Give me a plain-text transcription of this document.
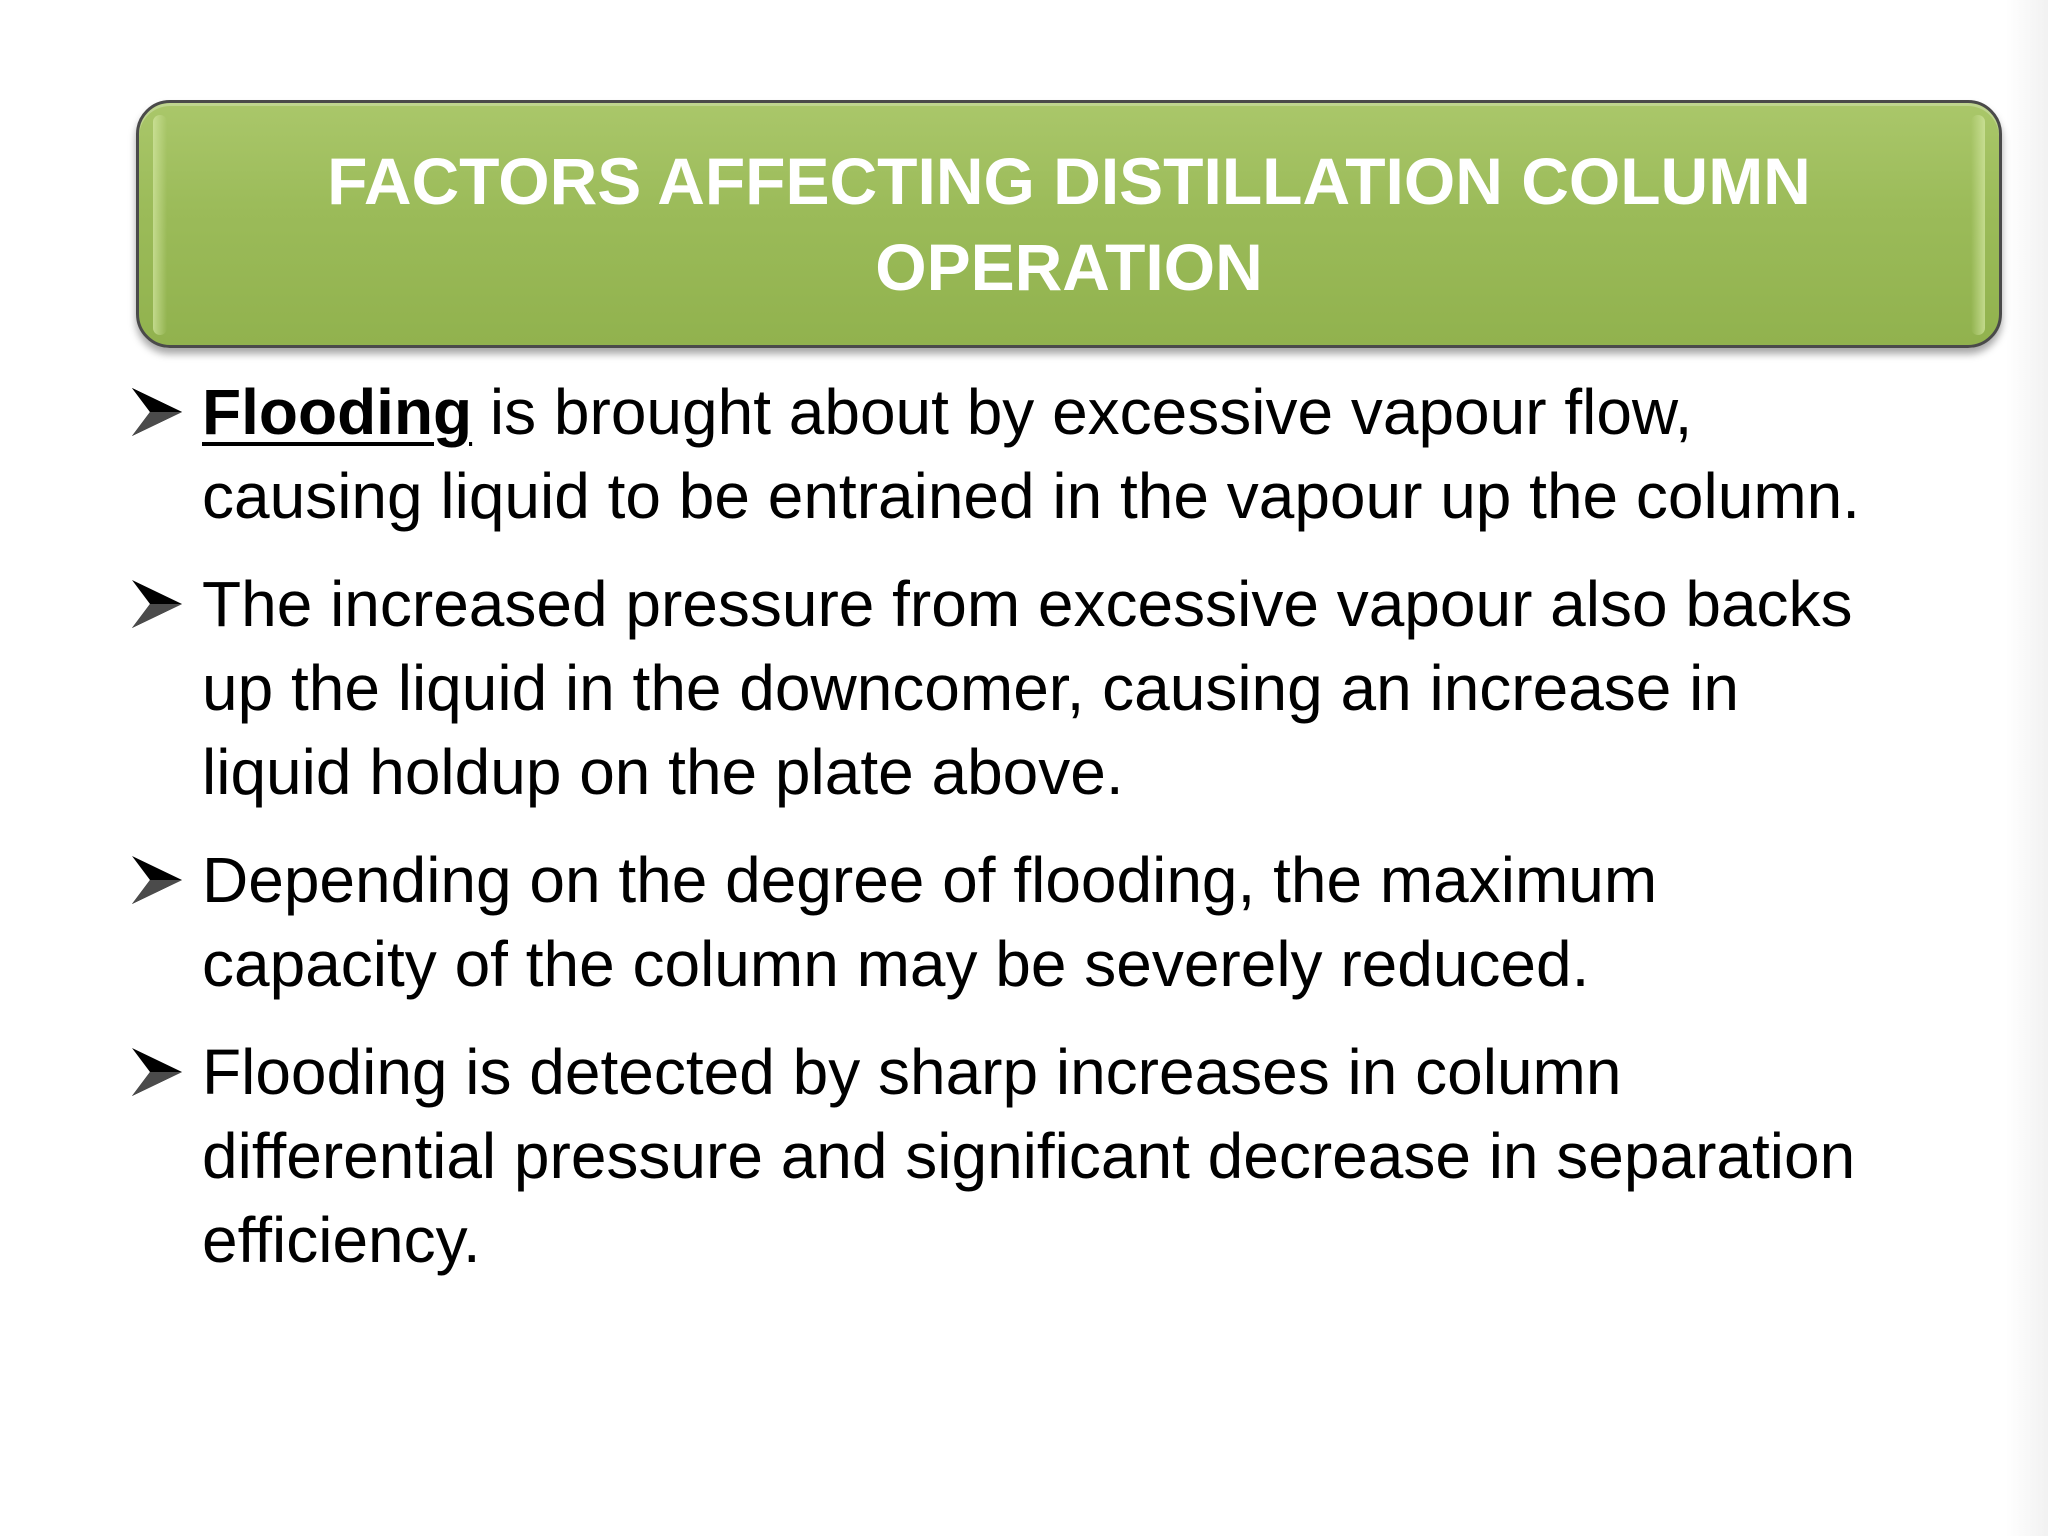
FACTORS AFFECTING DISTILLATION COLUMN OPERATION
Flooding is brought about by excessive vapour flow, causing liquid to be entrained in the vapour up the column.
The increased pressure from excessive vapour also backs up the liquid in the downcomer, causing an increase in liquid holdup on the plate above.
Depending on the degree of flooding, the maximum capacity of the column may be severely reduced.
Flooding is detected by sharp increases in column differential pressure and significant decrease in separation efficiency.
